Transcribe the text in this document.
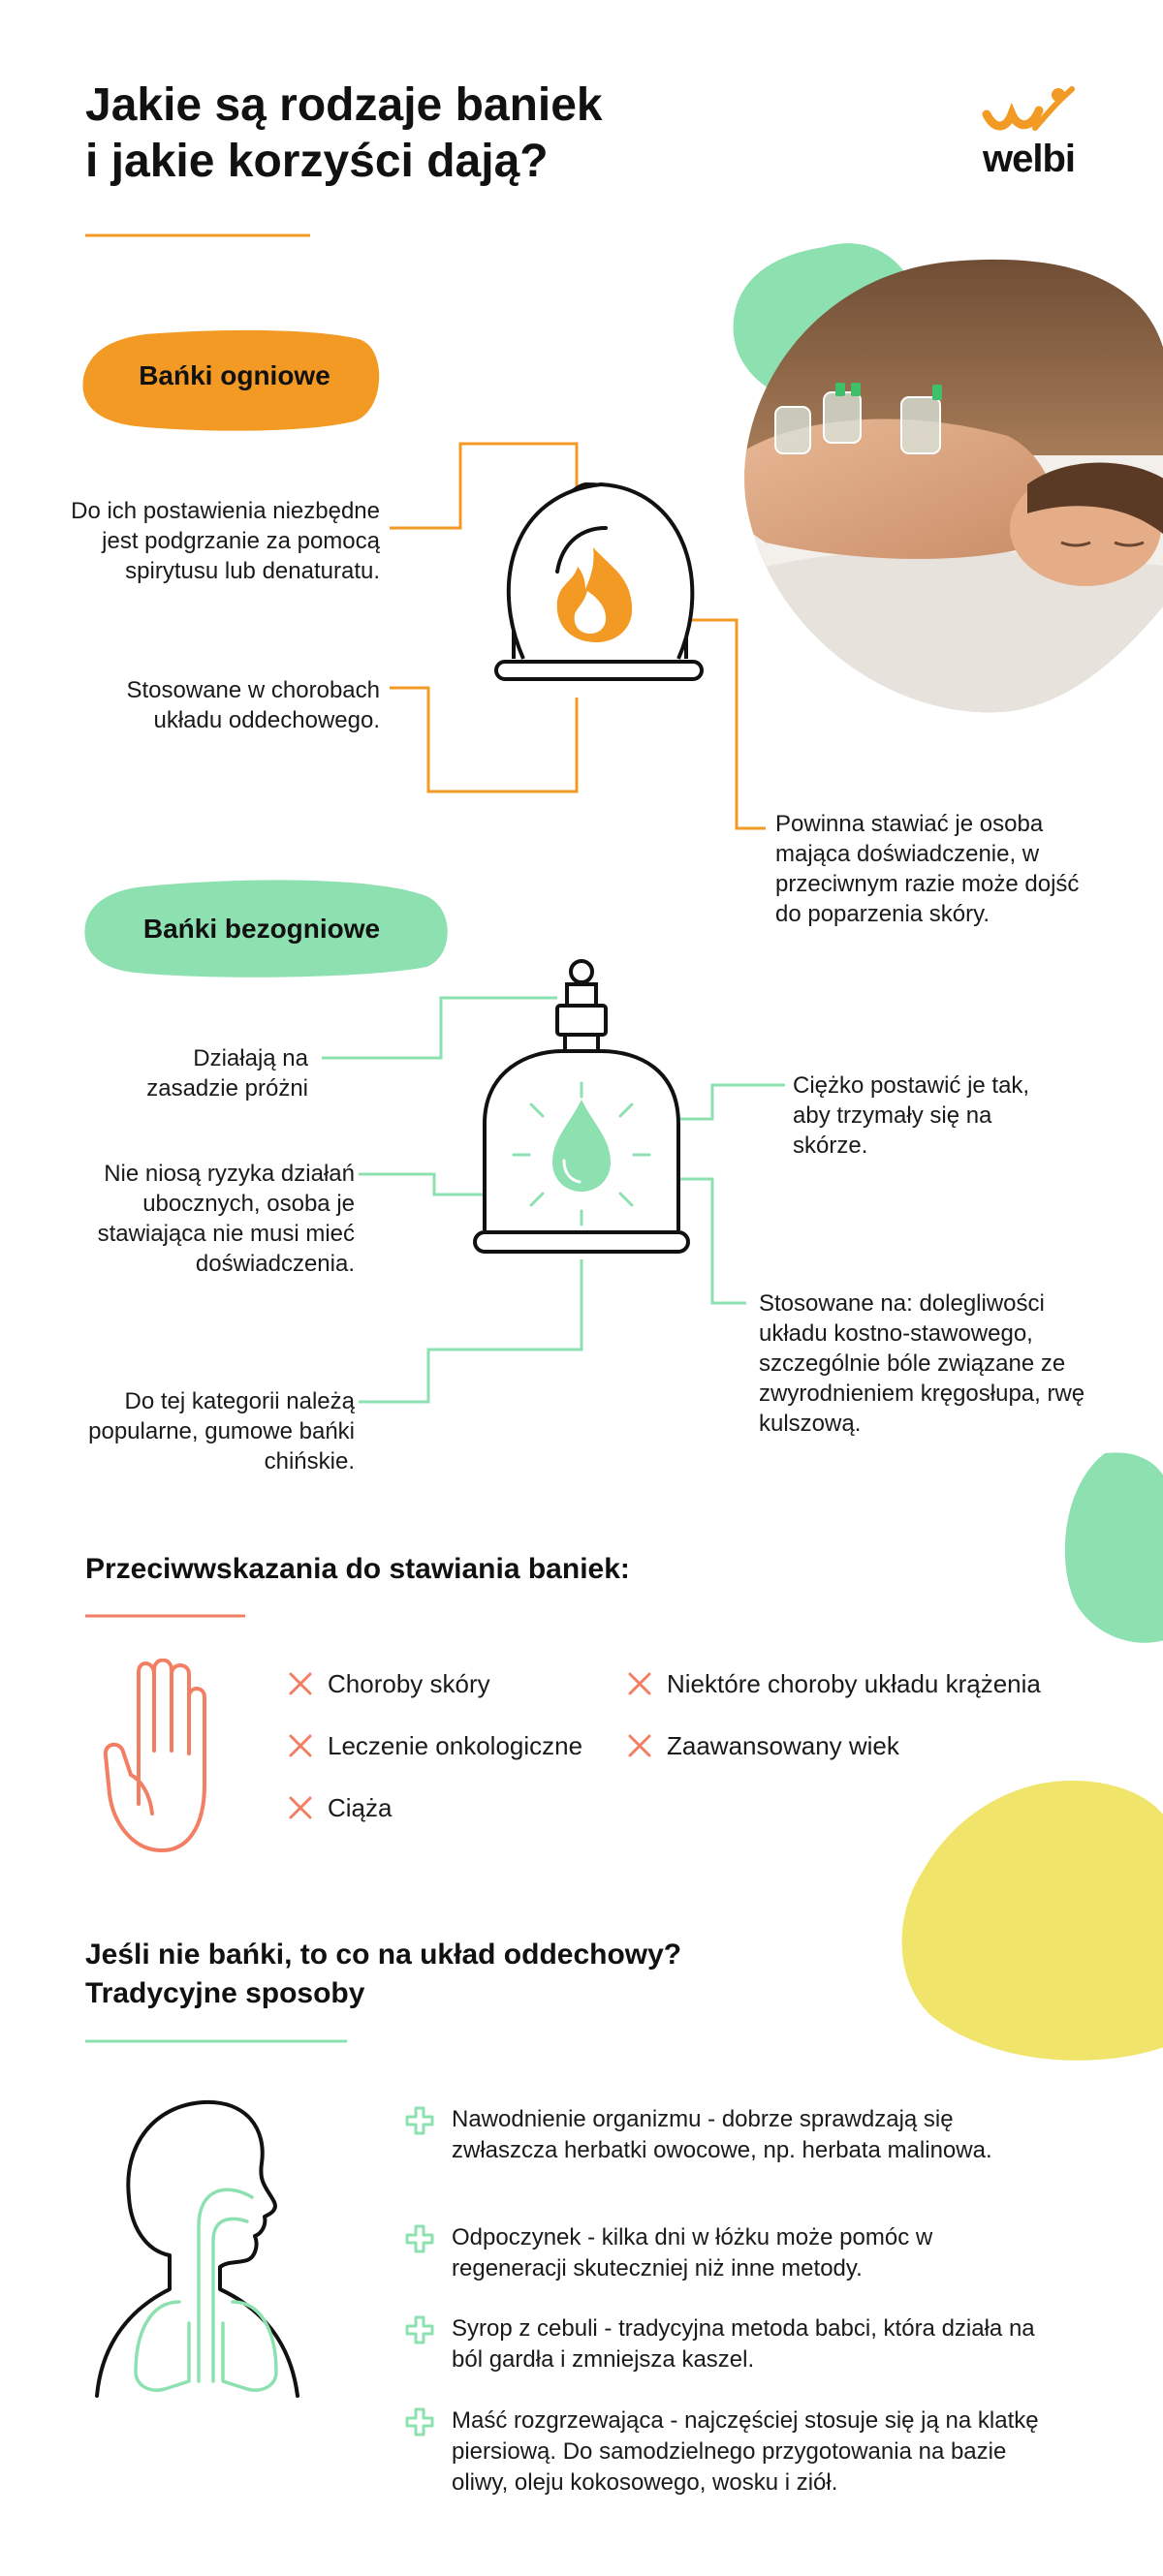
Jakie są rodzaje baniek
i jakie korzyści dają?	welbi
Bańki ogniowe
Do ich postawienia niezbędne jest podgrzanie za pomocą spirytusu lub denaturatu.
Stosowane w chorobach układu oddechowego.
Powinna stawiać je osoba mająca doświadczenie, w przeciwnym razie może dojść do poparzenia skóry.
Bańki bezogniowe
Działają na zasadzie próżni
Nie niosą ryzyka działań ubocznych, osoba je stawiająca nie musi mieć doświadczenia.
Do tej kategorii należą popularne, gumowe bańki chińskie.
Ciężko postawić je tak, aby trzymały się na skórze.
Stosowane na: dolegliwości układu kostno-stawowego, szczególnie bóle związane ze zwyrodnieniem kręgosłupa, rwę kulszową.
Przeciwwskazania do stawiania baniek:
Choroby skóry
Leczenie onkologiczne
Ciąża
Niektóre choroby układu krążenia
Zaawansowany wiek
Jeśli nie bańki, to co na układ oddechowy?
Tradycyjne sposoby
Nawodnienie organizmu - dobrze sprawdzają się zwłaszcza herbatki owocowe, np. herbata malinowa.
Odpoczynek - kilka dni w łóżku może pomóc w regeneracji skuteczniej niż inne metody.
Syrop z cebuli - tradycyjna metoda babci, która działa na ból gardła i zmniejsza kaszel.
Maść rozgrzewająca - najczęściej stosuje się ją na klatkę piersiową. Do samodzielnego przygotowania na bazie oliwy, oleju kokosowego, wosku i ziół.
